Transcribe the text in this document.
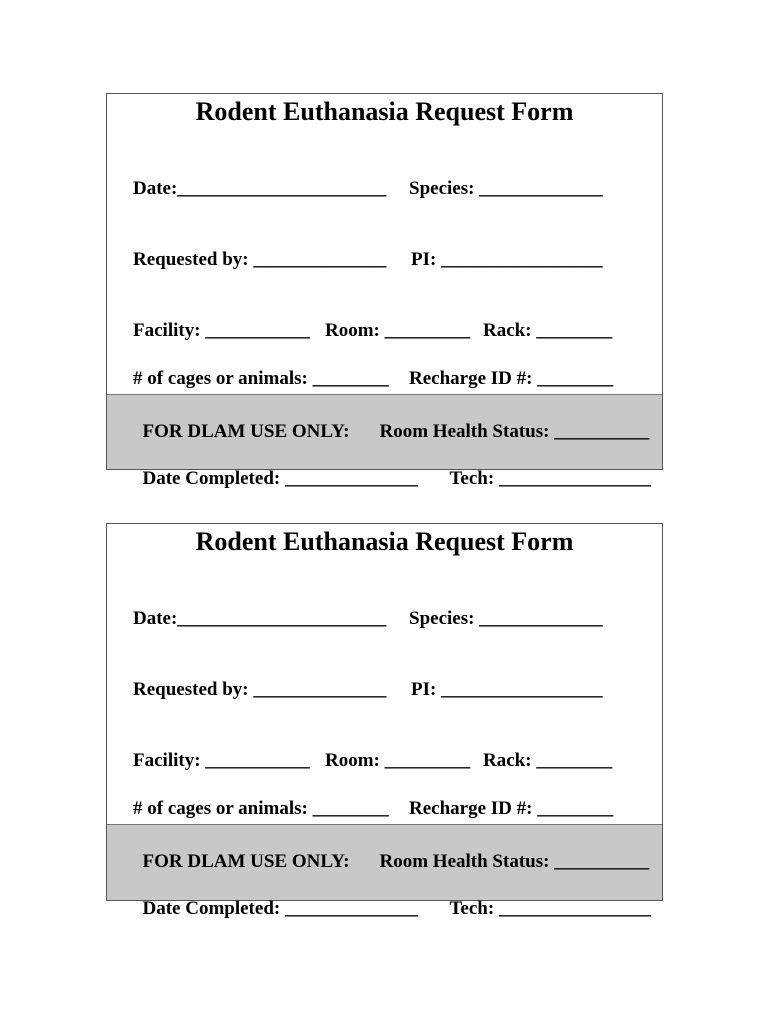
Rodent Euthanasia Request Form

Date:______________________ Species: _____________

Requested by: ______________ PI: _________________

Facility: ___________ Room: _________ Rack: ________

# of cages or animals: ________ Recharge ID #: ________

FOR DLAM USE ONLY: Room Health Status: __________

Date Completed: ______________ Tech: ________________

Rodent Euthanasia Request Form

Date:______________________ Species: _____________

Requested by: ______________ PI: _________________

Facility: ___________ Room: _________ Rack: ________

# of cages or animals: ________ Recharge ID #: ________

FOR DLAM USE ONLY: Room Health Status: __________

Date Completed: ______________ Tech: ________________
